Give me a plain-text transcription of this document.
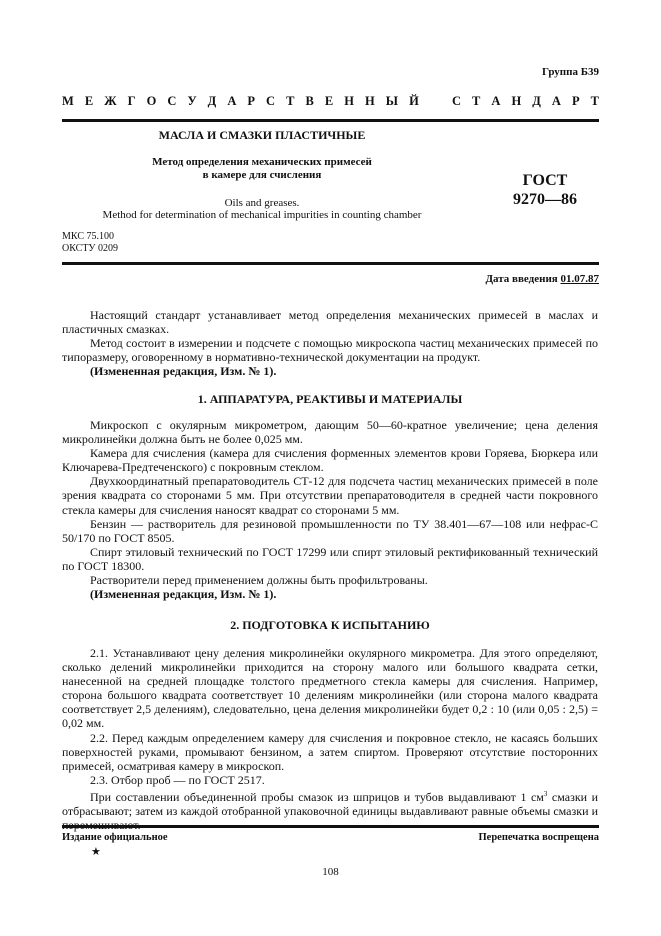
Группа Б39
М Е Ж Г О С У Д А Р С Т В Е Н Н Ы Й   С Т А Н Д А Р Т
МАСЛА И СМАЗКИ ПЛАСТИЧНЫЕ
Метод определения механических примесей
в камере для счисления	ГОСТ
9270—86
Oils and greases.
Method for determination of mechanical impurities in counting chamber
МКС 75.100
ОКСТУ 0209
Дата введения 01.07.87

Настоящий стандарт устанавливает метод определения механических примесей в маслах и пластичных смазках.

Метод состоит в измерении и подсчете с помощью микроскопа частиц механических примесей по типоразмеру, оговоренному в нормативно-технической документации на продукт.

(Измененная редакция, Изм. № 1).

1. АППАРАТУРА, РЕАКТИВЫ И МАТЕРИАЛЫ

Микроскоп с окулярным микрометром, дающим 50—60-кратное увеличение; цена деления микролинейки должна быть не более 0,025 мм.

Камера для счисления (камера для счисления форменных элементов крови Горяева, Бюркера или Ключарева-Предтеченского) с покровным стеклом.

Двухкоординатный препаратоводитель СТ-12 для подсчета частиц механических примесей в поле зрения квадрата со сторонами 5 мм. При отсутствии препаратоводителя в средней части покровного стекла камеры для счисления наносят квадрат со сторонами 5 мм.

Бензин — растворитель для резиновой промышленности по ТУ 38.401—67—108 или нефрас-С 50/170 по ГОСТ 8505.

Спирт этиловый технический по ГОСТ 17299 или спирт этиловый ректификованный технический по ГОСТ 18300.

Растворители перед применением должны быть профильтрованы.

(Измененная редакция, Изм. № 1).

2. ПОДГОТОВКА К ИСПЫТАНИЮ

2.1. Устанавливают цену деления микролинейки окулярного микрометра. Для этого определяют, сколько делений микролинейки приходится на сторону малого или большого квадрата сетки, нанесенной на средней площадке толстого предметного стекла камеры для счисления. Например, сторона большого квадрата соответствует 10 делениям микролинейки (или сторона малого квадрата соответствует 2,5 делениям), следовательно, цена деления микролинейки будет 0,2 : 10 (или 0,05 : 2,5) = 0,02 мм.

2.2. Перед каждым определением камеру для счисления и покровное стекло, не касаясь больших поверхностей руками, промывают бензином, а затем спиртом. Проверяют отсутствие посторонних примесей, осматривая камеру в микроскоп.

2.3. Отбор проб — по ГОСТ 2517.

При составлении объединенной пробы смазок из шприцов и тубов выдавливают 1 $см^3$ смазки и отбрасывают; затем из каждой отобранной упаковочной единицы выдавливают равные объемы смазки и

Издание официальное
★
Перепечатка воспрещена
108
